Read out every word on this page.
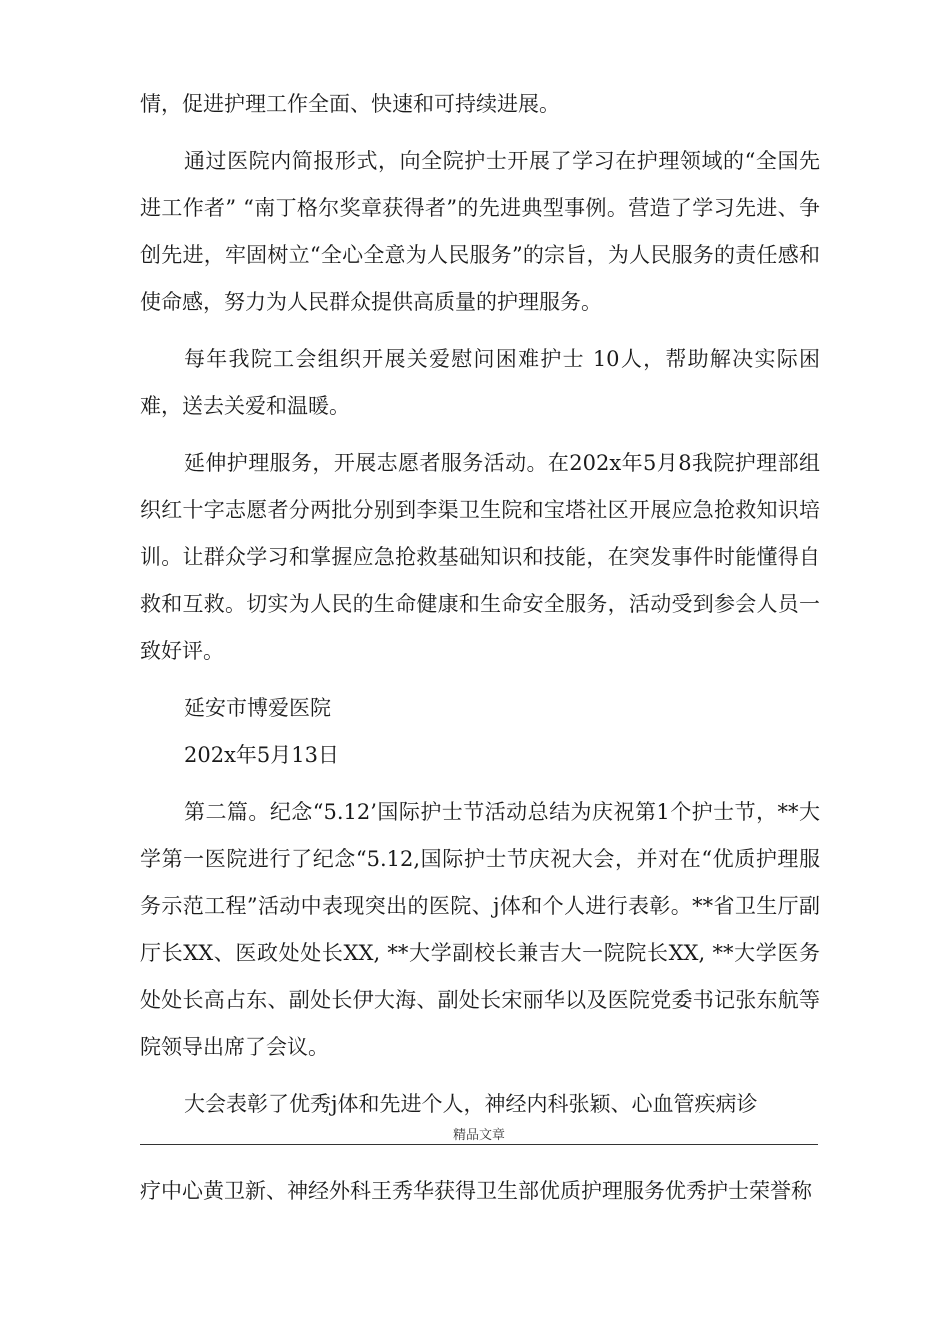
情，促进护理工作全面、快速和可持续进展。

通过医院内简报形式，向全院护士开展了学习在护理领域的“全国先进工作者” “南丁格尔奖章获得者”的先进典型事例。营造了学习先进、争创先进，牢固树立“全心全意为人民服务”的宗旨，为人民服务的责任感和使命感，努力为人民群众提供高质量的护理服务。

每年我院工会组织开展关爱慰问困难护士 10人，帮助解决实际困难，送去关爱和温暖。

延伸护理服务，开展志愿者服务活动。在202x年5月8我院护理部组织红十字志愿者分两批分别到李渠卫生院和宝塔社区开展应急抢救知识培训。让群众学习和掌握应急抢救基础知识和技能，在突发事件时能懂得自救和互救。切实为人民的生命健康和生命安全服务，活动受到参会人员一致好评。

延安市博爱医院

202x年5月13日

第二篇。纪念“5.12’国际护士节活动总结为庆祝第1个护士节，**大学第一医院进行了纪念“5.12,国际护士节庆祝大会，并对在“优质护理服务示范工程”活动中表现突出的医院、j体和个人进行表彰。**省卫生厅副厅长XX、医政处处长XX, **大学副校长兼吉大一院院长XX, **大学医务处处长高占东、副处长伊大海、副处长宋丽华以及医院党委书记张东航等院领导出席了会议。

大会表彰了优秀j体和先进个人，神经内科张颖、心血管疾病诊

精品文章

疗中心黄卫新、神经外科王秀华获得卫生部优质护理服务优秀护士荣誉称
